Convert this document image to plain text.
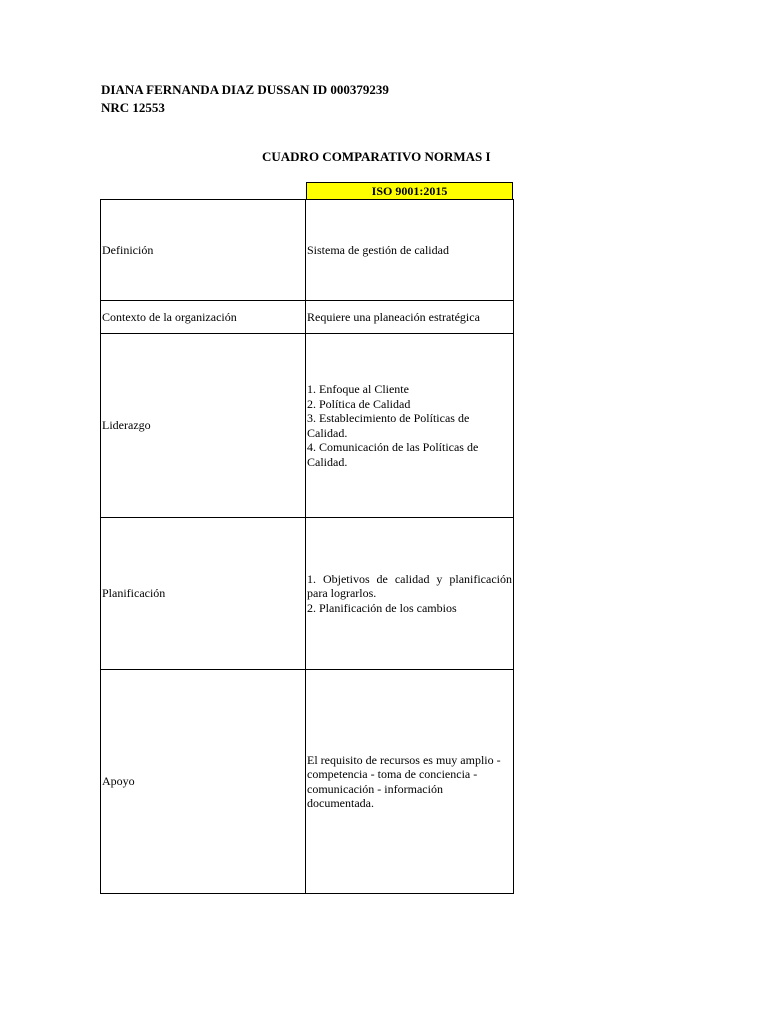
DIANA FERNANDA DIAZ DUSSAN ID 000379239
NRC 12553
CUADRO COMPARATIVO NORMAS I
ISO 9001:2015
Definición	Sistema de gestión de calidad

Contexto de la organización	Requiere una planeación estratégica

Liderazgo	1. Enfoque al Cliente
2. Política de Calidad
3. Establecimiento de Políticas de Calidad.
4. Comunicación de las Políticas de Calidad.

Planificación	1. Objetivos de calidad y planificación para lograrlos.
2. Planificación de los cambios

Apoyo	El requisito de recursos es muy amplio - competencia - toma de conciencia - comunicación - información documentada.
